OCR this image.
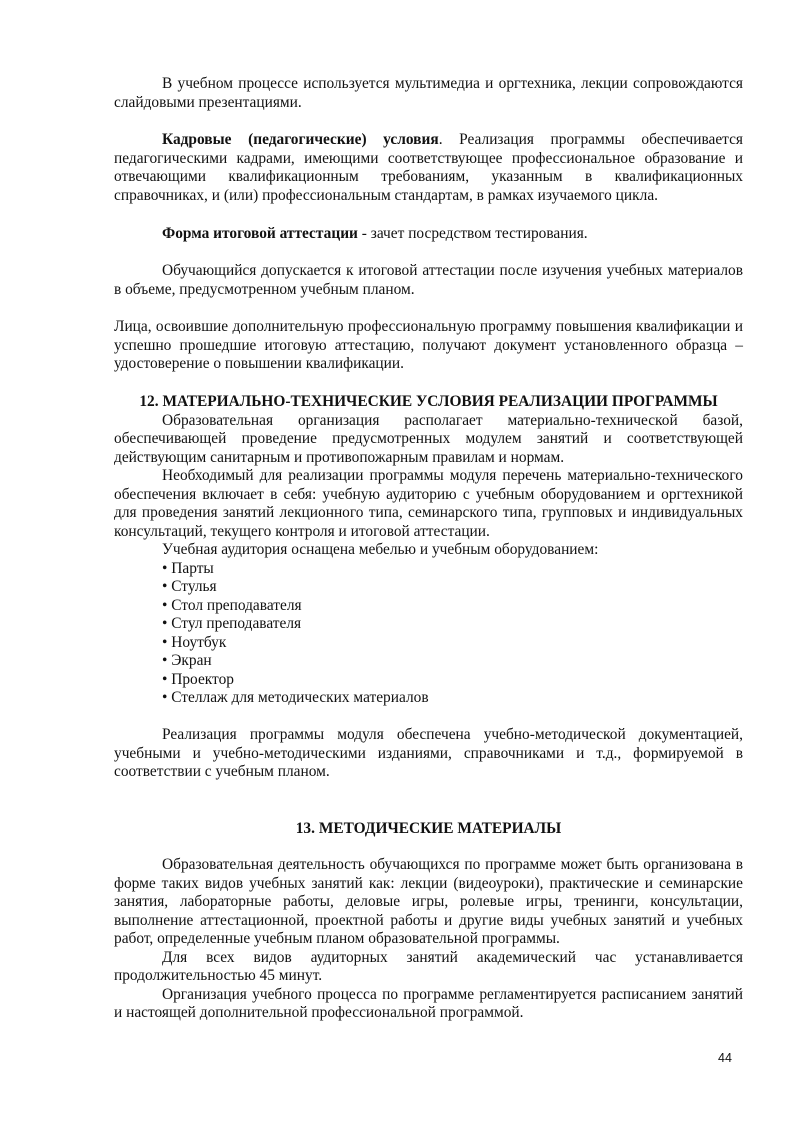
В учебном процессе используется мультимедиа и оргтехника, лекции сопровождаются слайдовыми презентациями.

Кадровые (педагогические) условия. Реализация программы обеспечивается педагогическими кадрами, имеющими соответствующее профессиональное образование и отвечающими квалификационным требованиям, указанным в квалификационных справочниках, и (или) профессиональным стандартам, в рамках изучаемого цикла.

Форма итоговой аттестации - зачет посредством тестирования.

Обучающийся допускается к итоговой аттестации после изучения учебных материалов в объеме, предусмотренном учебным планом.

Лица, освоившие дополнительную профессиональную программу повышения квалификации и успешно прошедшие итоговую аттестацию, получают документ установленного образца – удостоверение о повышении квалификации.

12. МАТЕРИАЛЬНО-ТЕХНИЧЕСКИЕ УСЛОВИЯ РЕАЛИЗАЦИИ ПРОГРАММЫ

Образовательная организация располагает материально-технической базой, обеспечивающей проведение предусмотренных модулем занятий и соответствующей действующим санитарным и противопожарным правилам и нормам.

Необходимый для реализации программы модуля перечень материально-технического обеспечения включает в себя: учебную аудиторию с учебным оборудованием и оргтехникой для проведения занятий лекционного типа, семинарского типа, групповых и индивидуальных консультаций, текущего контроля и итоговой аттестации.

Учебная аудитория оснащена мебелью и учебным оборудованием:

• Парты
• Стулья
• Стол преподавателя
• Стул преподавателя
• Ноутбук
• Экран
• Проектор
• Стеллаж для методических материалов

Реализация программы модуля обеспечена учебно-методической документацией, учебными и учебно-методическими изданиями, справочниками и т.д., формируемой в соответствии с учебным планом.

13. МЕТОДИЧЕСКИЕ МАТЕРИАЛЫ

Образовательная деятельность обучающихся по программе может быть организована в форме таких видов учебных занятий как: лекции (видеоуроки), практические и семинарские занятия, лабораторные работы, деловые игры, ролевые игры, тренинги, консультации, выполнение аттестационной, проектной работы и другие виды учебных занятий и учебных работ, определенные учебным планом образовательной программы.

Для всех видов аудиторных занятий академический час устанавливается продолжительностью 45 минут.

Организация учебного процесса по программе регламентируется расписанием занятий и настоящей дополнительной профессиональной программой.

44
